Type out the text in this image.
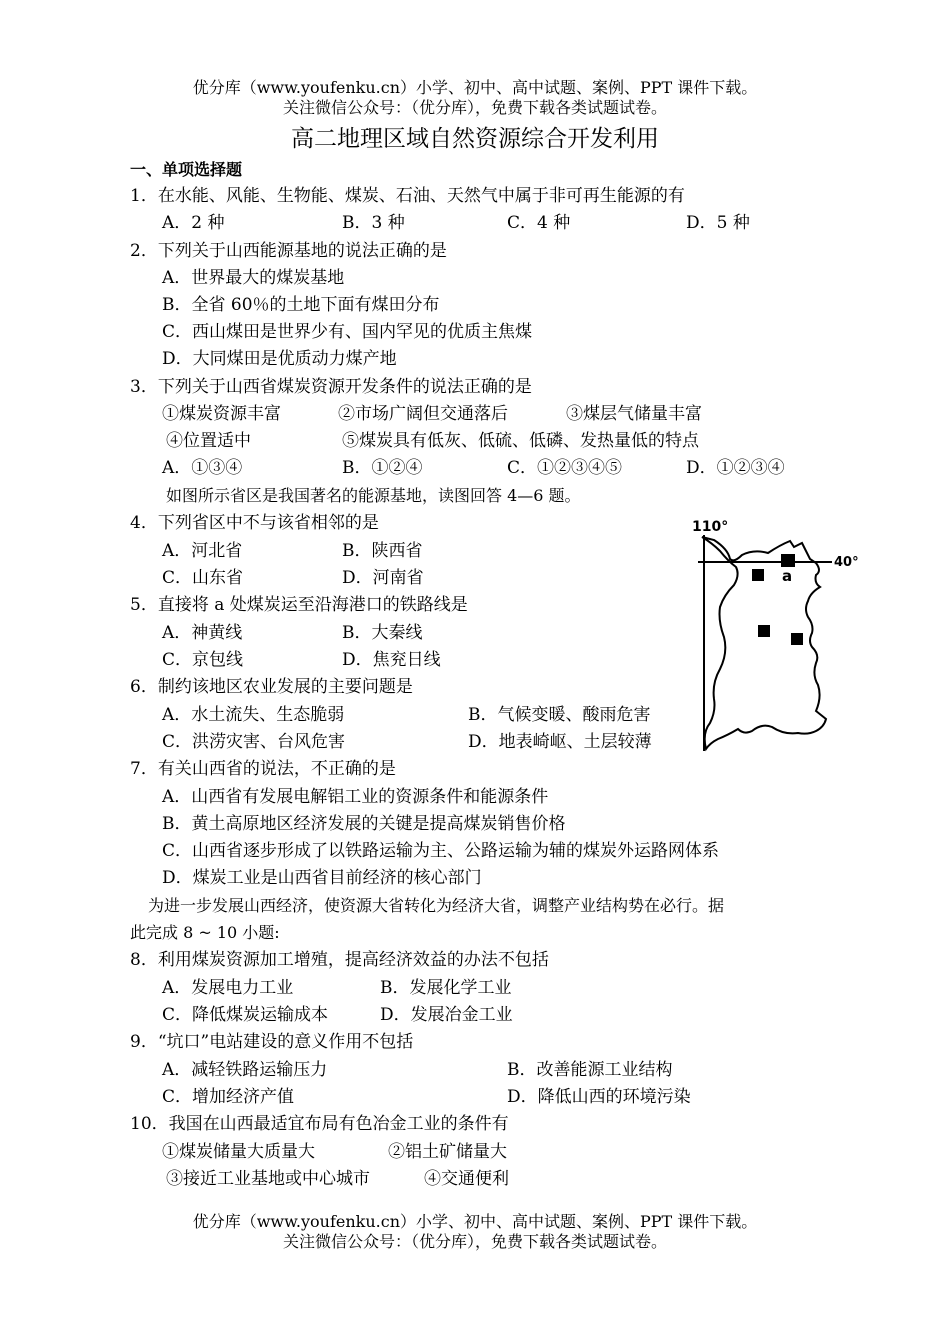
优分库（www.youfenku.cn）小学、初中、高中试题、案例、PPT 课件下载。
关注微信公众号：（优分库），免费下载各类试题试卷。
高二地理区域自然资源综合开发利用
一、单项选择题
1．在水能、风能、生物能、煤炭、石油、天然气中属于非可再生能源的有
A．2 种	B．3 种	C．4 种	D．5 种
2．下列关于山西能源基地的说法正确的是
A．世界最大的煤炭基地
B．全省 60％的土地下面有煤田分布
C．西山煤田是世界少有、国内罕见的优质主焦煤
D．大同煤田是优质动力煤产地
3．下列关于山西省煤炭资源开发条件的说法正确的是
①煤炭资源丰富	②市场广阔但交通落后	③煤层气储量丰富
④位置适中	⑤煤炭具有低灰、低硫、低磷、发热量低的特点
A．①③④	B．①②④	C．①②③④⑤	D．①②③④
如图所示省区是我国著名的能源基地，读图回答 4—6 题。
4．下列省区中不与该省相邻的是
A．河北省	B．陕西省
C．山东省	D．河南省
5．直接将 a 处煤炭运至沿海港口的铁路线是
A．神黄线	B．大秦线
C．京包线	D．焦兖日线
6．制约该地区农业发展的主要问题是
A．水土流失、生态脆弱	B．气候变暖、酸雨危害
C．洪涝灾害、台风危害	D．地表崎岖、土层较薄
7．有关山西省的说法，不正确的是
A．山西省有发展电解铝工业的资源条件和能源条件
B．黄土高原地区经济发展的关键是提高煤炭销售价格
C．山西省逐步形成了以铁路运输为主、公路运输为辅的煤炭外运路网体系
D．煤炭工业是山西省目前经济的核心部门
为进一步发展山西经济，使资源大省转化为经济大省，调整产业结构势在必行。据
此完成 8 ~ 10 小题:
8．利用煤炭资源加工增殖，提高经济效益的办法不包括
A．发展电力工业	B．发展化学工业
C．降低煤炭运输成本	D．发展冶金工业
9．“坑口”电站建设的意义作用不包括
A．减轻铁路运输压力	B．改善能源工业结构
C．增加经济产值	D．降低山西的环境污染
10．我国在山西最适宜布局有色冶金工业的条件有
①煤炭储量大质量大	②铝土矿储量大
③接近工业基地或中心城市	④交通便利
优分库（www.youfenku.cn）小学、初中、高中试题、案例、PPT 课件下载。
关注微信公众号：（优分库），免费下载各类试题试卷。
110°
40°
a
